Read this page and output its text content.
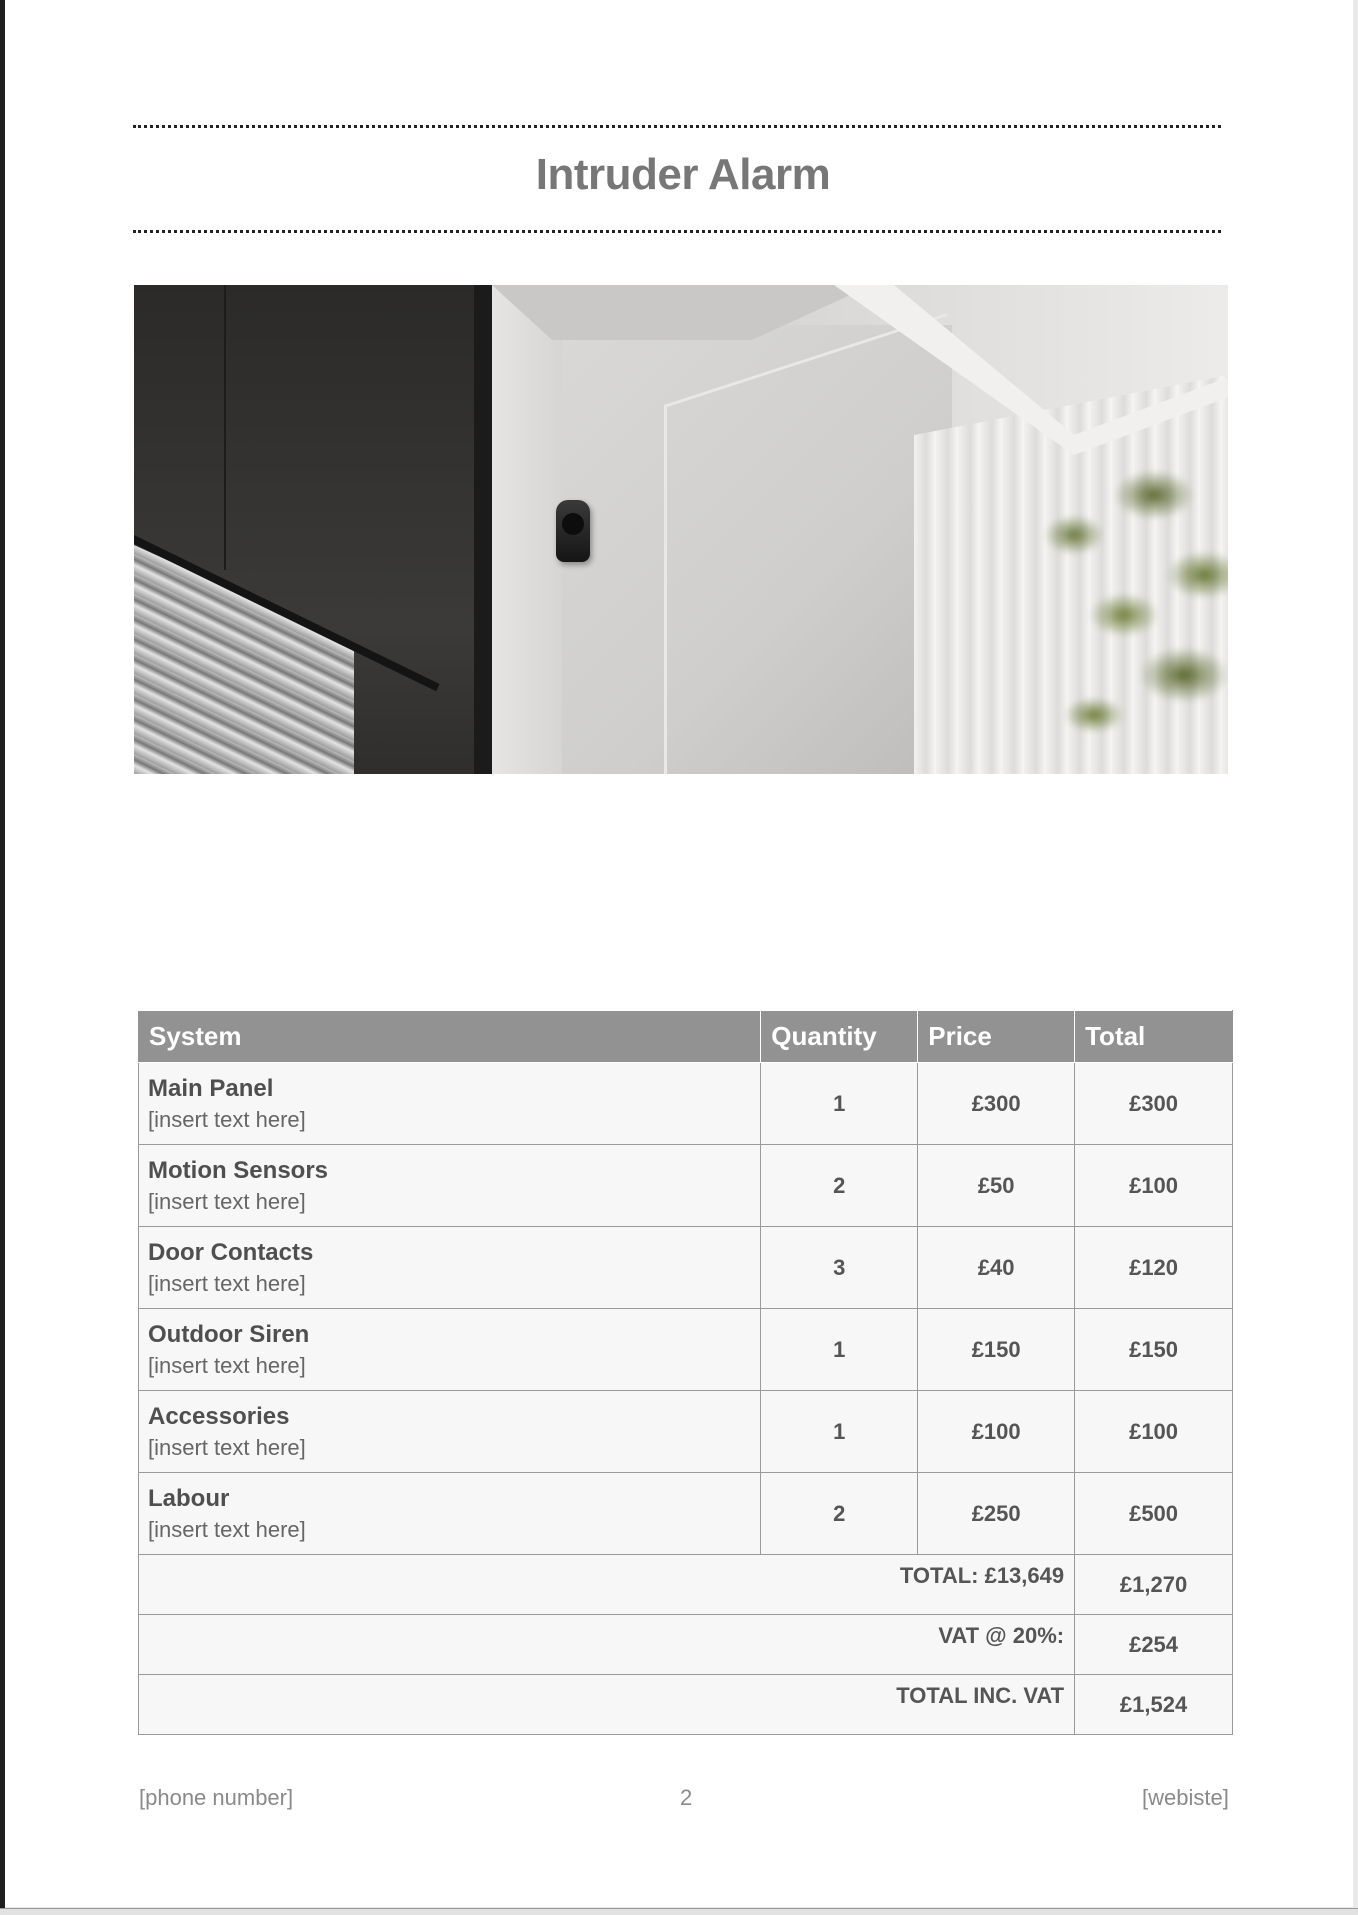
Intruder Alarm
System	Quantity	Price	Total

Main Panel
[insert text here]	1	£300	£300

Motion Sensors
[insert text here]	2	£50	£100

Door Contacts
[insert text here]	3	£40	£120

Outdoor Siren
[insert text here]	1	£150	£150

Accessories
[insert text here]	1	£100	£100

Labour
[insert text here]	2	£250	£500
TOTAL: £13,649			£1,270
VAT @ 20%:			£254
TOTAL INC. VAT			£1,524
[phone number]	2	[webiste]
